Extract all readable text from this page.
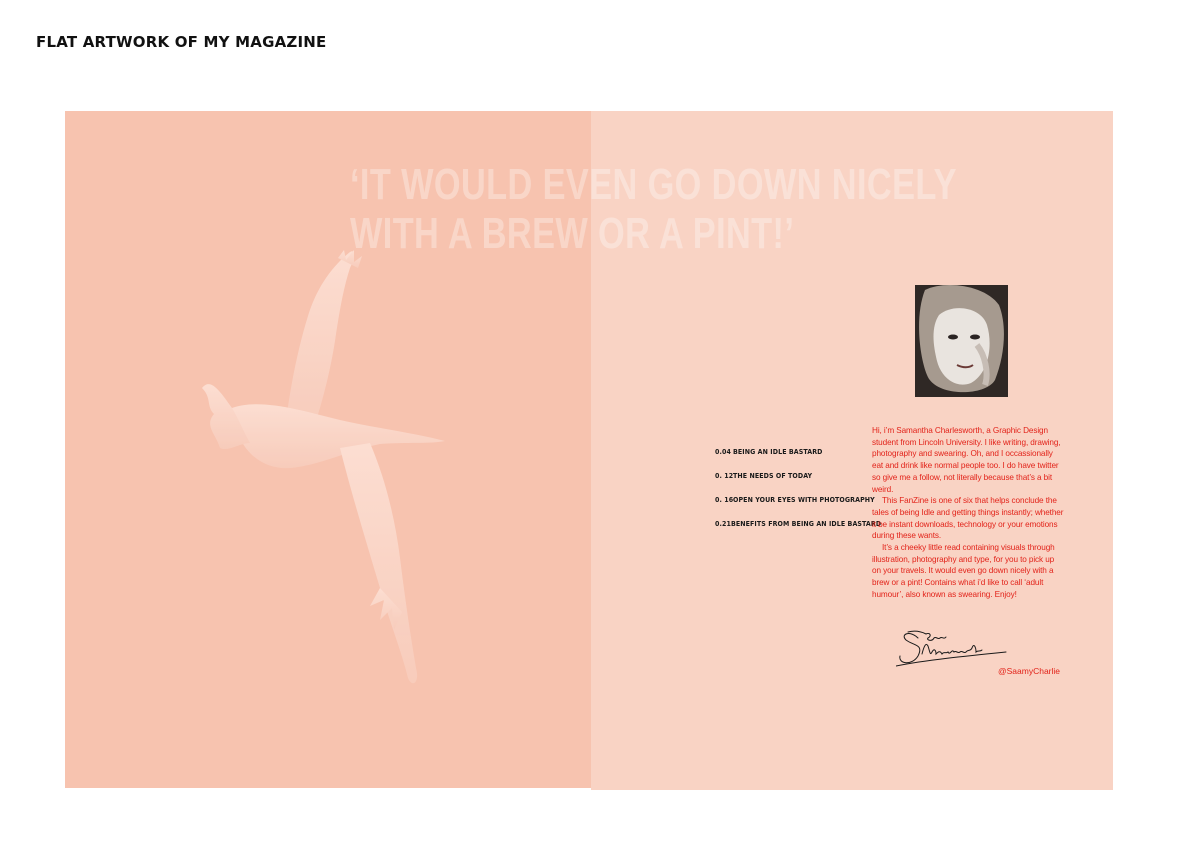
FLAT ARTWORK OF MY MAGAZINE
‘IT WOULD EVEN GO DOWN NICELY
WITH A BREW OR A PINT!’
0.04 BEING AN IDLE BASTARD
0. 12 THE NEEDS OF TODAY
0. 16 OPEN YOUR EYES WITH PHOTOGRAPHY
0.21 BENEFITS FROM BEING AN IDLE BASTARD

Hi, i’m Samantha Charlesworth, a Graphic Design student from Lincoln University. I like writing, drawing, photography and swearing. Oh, and I occassionally eat and drink like normal people too. I do have twitter so give me a follow, not literally because that’s a bit weird.

This FanZine is one of six that helps conclude the tales of being Idle and getting things instantly; whether it be instant downloads, technology or your emotions during these wants.

It’s a cheeky little read containing visuals through illustration, photography and type, for you to pick up on your travels. It would even go down nicely with a brew or a pint! Contains what i’d like to call ‘adult humour’, also known as swearing. Enjoy!

@SaamyCharlie
